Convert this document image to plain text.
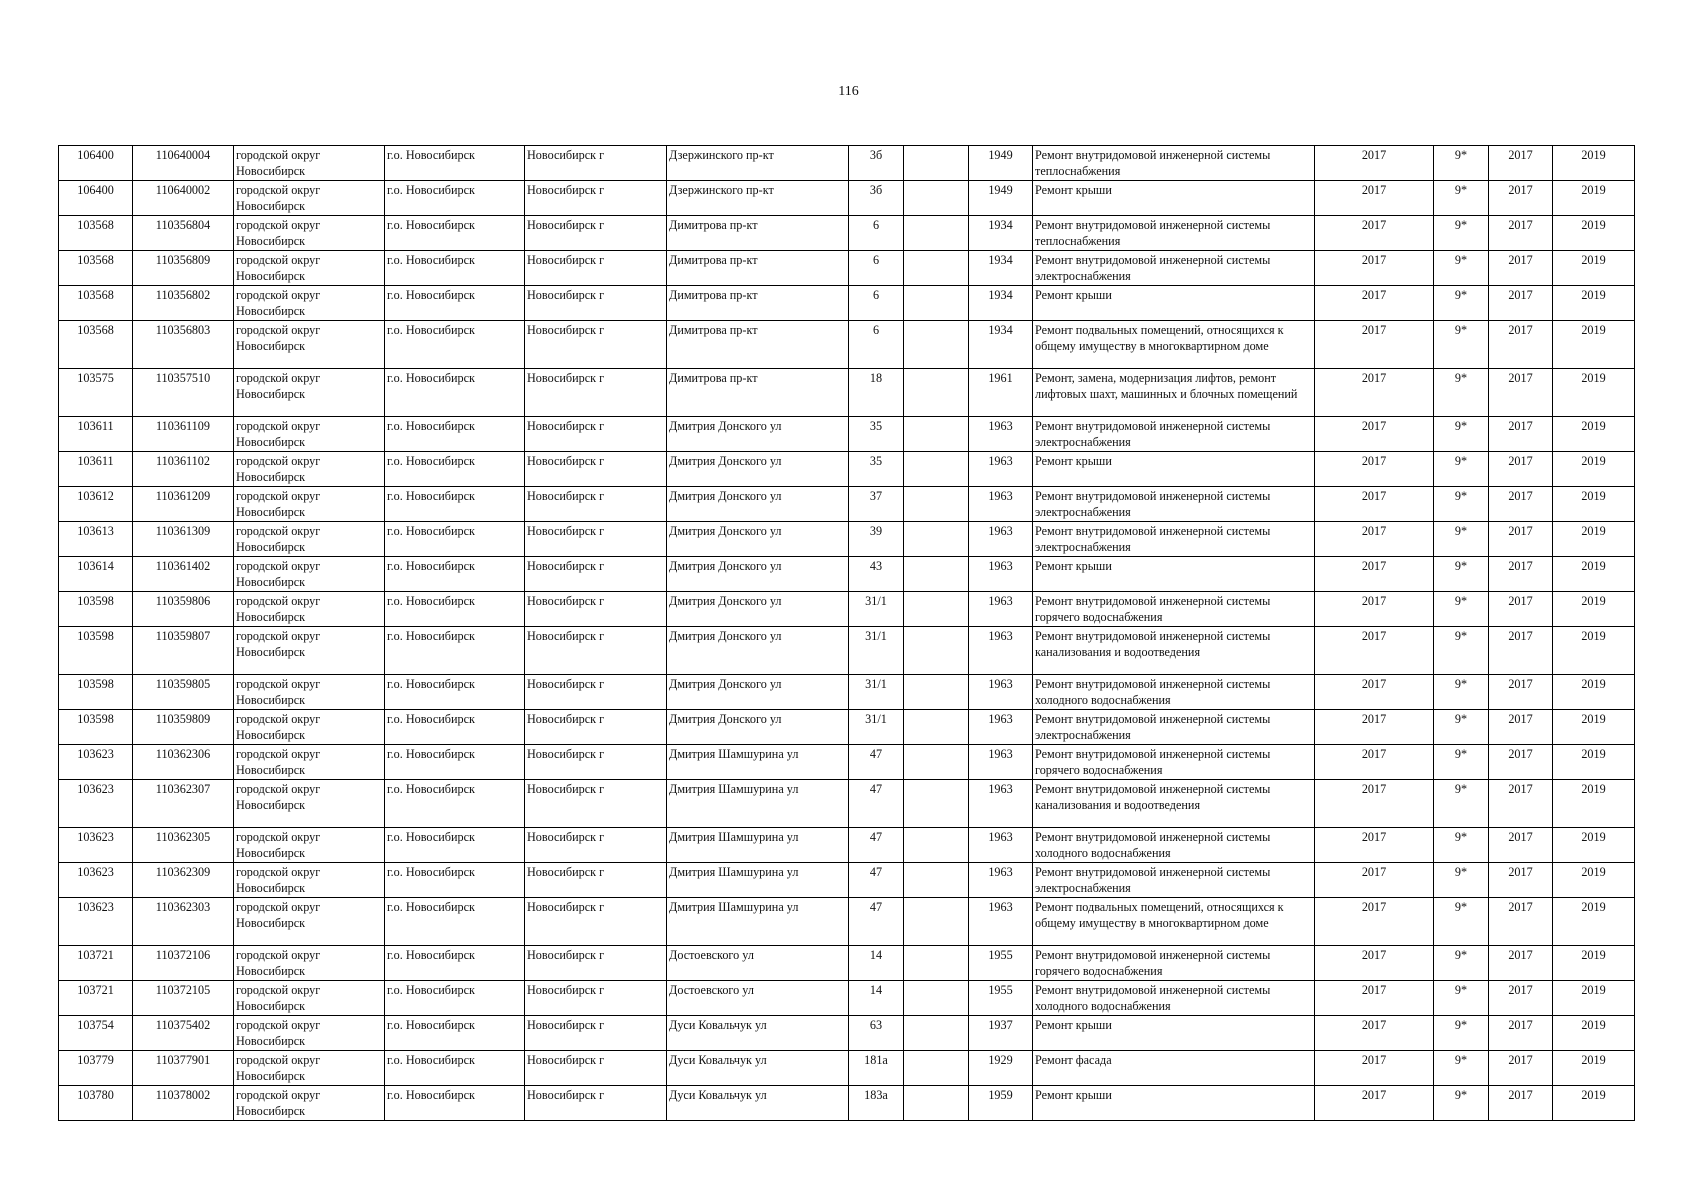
116
106400	110640004	городской округ Новосибирск	г.о. Новосибирск	Новосибирск г	Дзержинского пр-кт	3б		1949	Ремонт внутридомовой инженерной системы теплоснабжения	2017	9*	2017	2019
106400	110640002	городской округ Новосибирск	г.о. Новосибирск	Новосибирск г	Дзержинского пр-кт	3б		1949	Ремонт крыши	2017	9*	2017	2019
103568	110356804	городской округ Новосибирск	г.о. Новосибирск	Новосибирск г	Димитрова пр-кт	6		1934	Ремонт внутридомовой инженерной системы теплоснабжения	2017	9*	2017	2019
103568	110356809	городской округ Новосибирск	г.о. Новосибирск	Новосибирск г	Димитрова пр-кт	6		1934	Ремонт внутридомовой инженерной системы электроснабжения	2017	9*	2017	2019
103568	110356802	городской округ Новосибирск	г.о. Новосибирск	Новосибирск г	Димитрова пр-кт	6		1934	Ремонт крыши	2017	9*	2017	2019
103568	110356803	городской округ Новосибирск	г.о. Новосибирск	Новосибирск г	Димитрова пр-кт	6		1934	Ремонт подвальных помещений, относящихся к общему имуществу в многоквартирном доме	2017	9*	2017	2019
103575	110357510	городской округ Новосибирск	г.о. Новосибирск	Новосибирск г	Димитрова пр-кт	18		1961	Ремонт, замена, модернизация лифтов, ремонт лифтовых шахт, машинных и блочных помещений	2017	9*	2017	2019
103611	110361109	городской округ Новосибирск	г.о. Новосибирск	Новосибирск г	Дмитрия Донского ул	35		1963	Ремонт внутридомовой инженерной системы электроснабжения	2017	9*	2017	2019
103611	110361102	городской округ Новосибирск	г.о. Новосибирск	Новосибирск г	Дмитрия Донского ул	35		1963	Ремонт крыши	2017	9*	2017	2019
103612	110361209	городской округ Новосибирск	г.о. Новосибирск	Новосибирск г	Дмитрия Донского ул	37		1963	Ремонт внутридомовой инженерной системы электроснабжения	2017	9*	2017	2019
103613	110361309	городской округ Новосибирск	г.о. Новосибирск	Новосибирск г	Дмитрия Донского ул	39		1963	Ремонт внутридомовой инженерной системы электроснабжения	2017	9*	2017	2019
103614	110361402	городской округ Новосибирск	г.о. Новосибирск	Новосибирск г	Дмитрия Донского ул	43		1963	Ремонт крыши	2017	9*	2017	2019
103598	110359806	городской округ Новосибирск	г.о. Новосибирск	Новосибирск г	Дмитрия Донского ул	31/1		1963	Ремонт внутридомовой инженерной системы горячего водоснабжения	2017	9*	2017	2019
103598	110359807	городской округ Новосибирск	г.о. Новосибирск	Новосибирск г	Дмитрия Донского ул	31/1		1963	Ремонт внутридомовой инженерной системы канализования и водоотведения	2017	9*	2017	2019
103598	110359805	городской округ Новосибирск	г.о. Новосибирск	Новосибирск г	Дмитрия Донского ул	31/1		1963	Ремонт внутридомовой инженерной системы холодного водоснабжения	2017	9*	2017	2019
103598	110359809	городской округ Новосибирск	г.о. Новосибирск	Новосибирск г	Дмитрия Донского ул	31/1		1963	Ремонт внутридомовой инженерной системы электроснабжения	2017	9*	2017	2019
103623	110362306	городской округ Новосибирск	г.о. Новосибирск	Новосибирск г	Дмитрия Шамшурина ул	47		1963	Ремонт внутридомовой инженерной системы горячего водоснабжения	2017	9*	2017	2019
103623	110362307	городской округ Новосибирск	г.о. Новосибирск	Новосибирск г	Дмитрия Шамшурина ул	47		1963	Ремонт внутридомовой инженерной системы канализования и водоотведения	2017	9*	2017	2019
103623	110362305	городской округ Новосибирск	г.о. Новосибирск	Новосибирск г	Дмитрия Шамшурина ул	47		1963	Ремонт внутридомовой инженерной системы холодного водоснабжения	2017	9*	2017	2019
103623	110362309	городской округ Новосибирск	г.о. Новосибирск	Новосибирск г	Дмитрия Шамшурина ул	47		1963	Ремонт внутридомовой инженерной системы электроснабжения	2017	9*	2017	2019
103623	110362303	городской округ Новосибирск	г.о. Новосибирск	Новосибирск г	Дмитрия Шамшурина ул	47		1963	Ремонт подвальных помещений, относящихся к общему имуществу в многоквартирном доме	2017	9*	2017	2019
103721	110372106	городской округ Новосибирск	г.о. Новосибирск	Новосибирск г	Достоевского ул	14		1955	Ремонт внутридомовой инженерной системы горячего водоснабжения	2017	9*	2017	2019
103721	110372105	городской округ Новосибирск	г.о. Новосибирск	Новосибирск г	Достоевского ул	14		1955	Ремонт внутридомовой инженерной системы холодного водоснабжения	2017	9*	2017	2019
103754	110375402	городской округ Новосибирск	г.о. Новосибирск	Новосибирск г	Дуси Ковальчук ул	63		1937	Ремонт крыши	2017	9*	2017	2019
103779	110377901	городской округ Новосибирск	г.о. Новосибирск	Новосибирск г	Дуси Ковальчук ул	181а		1929	Ремонт фасада	2017	9*	2017	2019
103780	110378002	городской округ Новосибирск	г.о. Новосибирск	Новосибирск г	Дуси Ковальчук ул	183а		1959	Ремонт крыши	2017	9*	2017	2019
